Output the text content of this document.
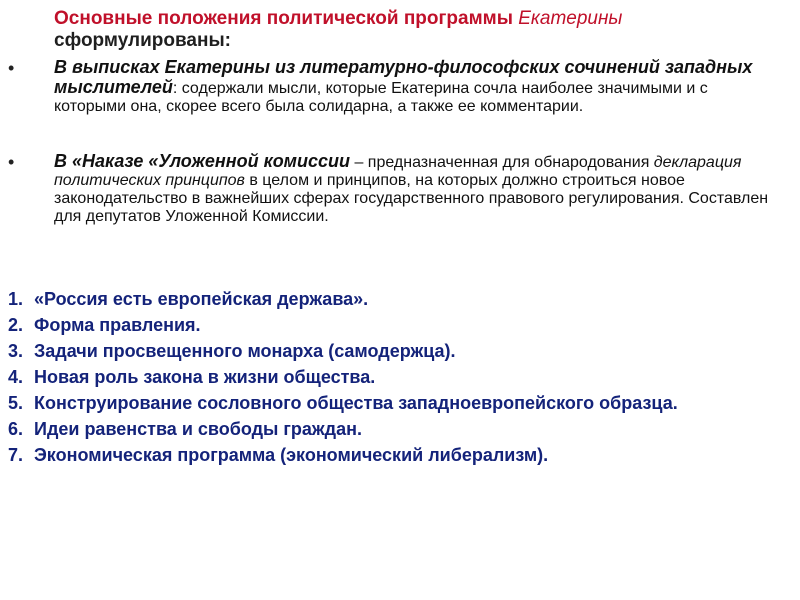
Основные положения политической программы Екатерины сформулированы:
• В выписках Екатерины из литературно-философских сочинений западных мыслителей: содержали мысли, которые Екатерина сочла наиболее значимыми и с которыми она, скорее всего была солидарна, а также ее комментарии.
• В «Наказе «Уложенной комиссии – предназначенная для обнародования декларация политических принципов в целом и принципов, на которых должно строиться новое законодательство в важнейших сферах государственного правового регулирования. Составлен для депутатов Уложенной Комиссии.
1. «Россия есть европейская держава».
2. Форма правления.
3. Задачи просвещенного монарха (самодержца).
4. Новая роль закона в жизни общества.
5. Конструирование сословного общества западноевропейского образца.
6. Идеи равенства и свободы граждан.
7. Экономическая программа (экономический либерализм).
